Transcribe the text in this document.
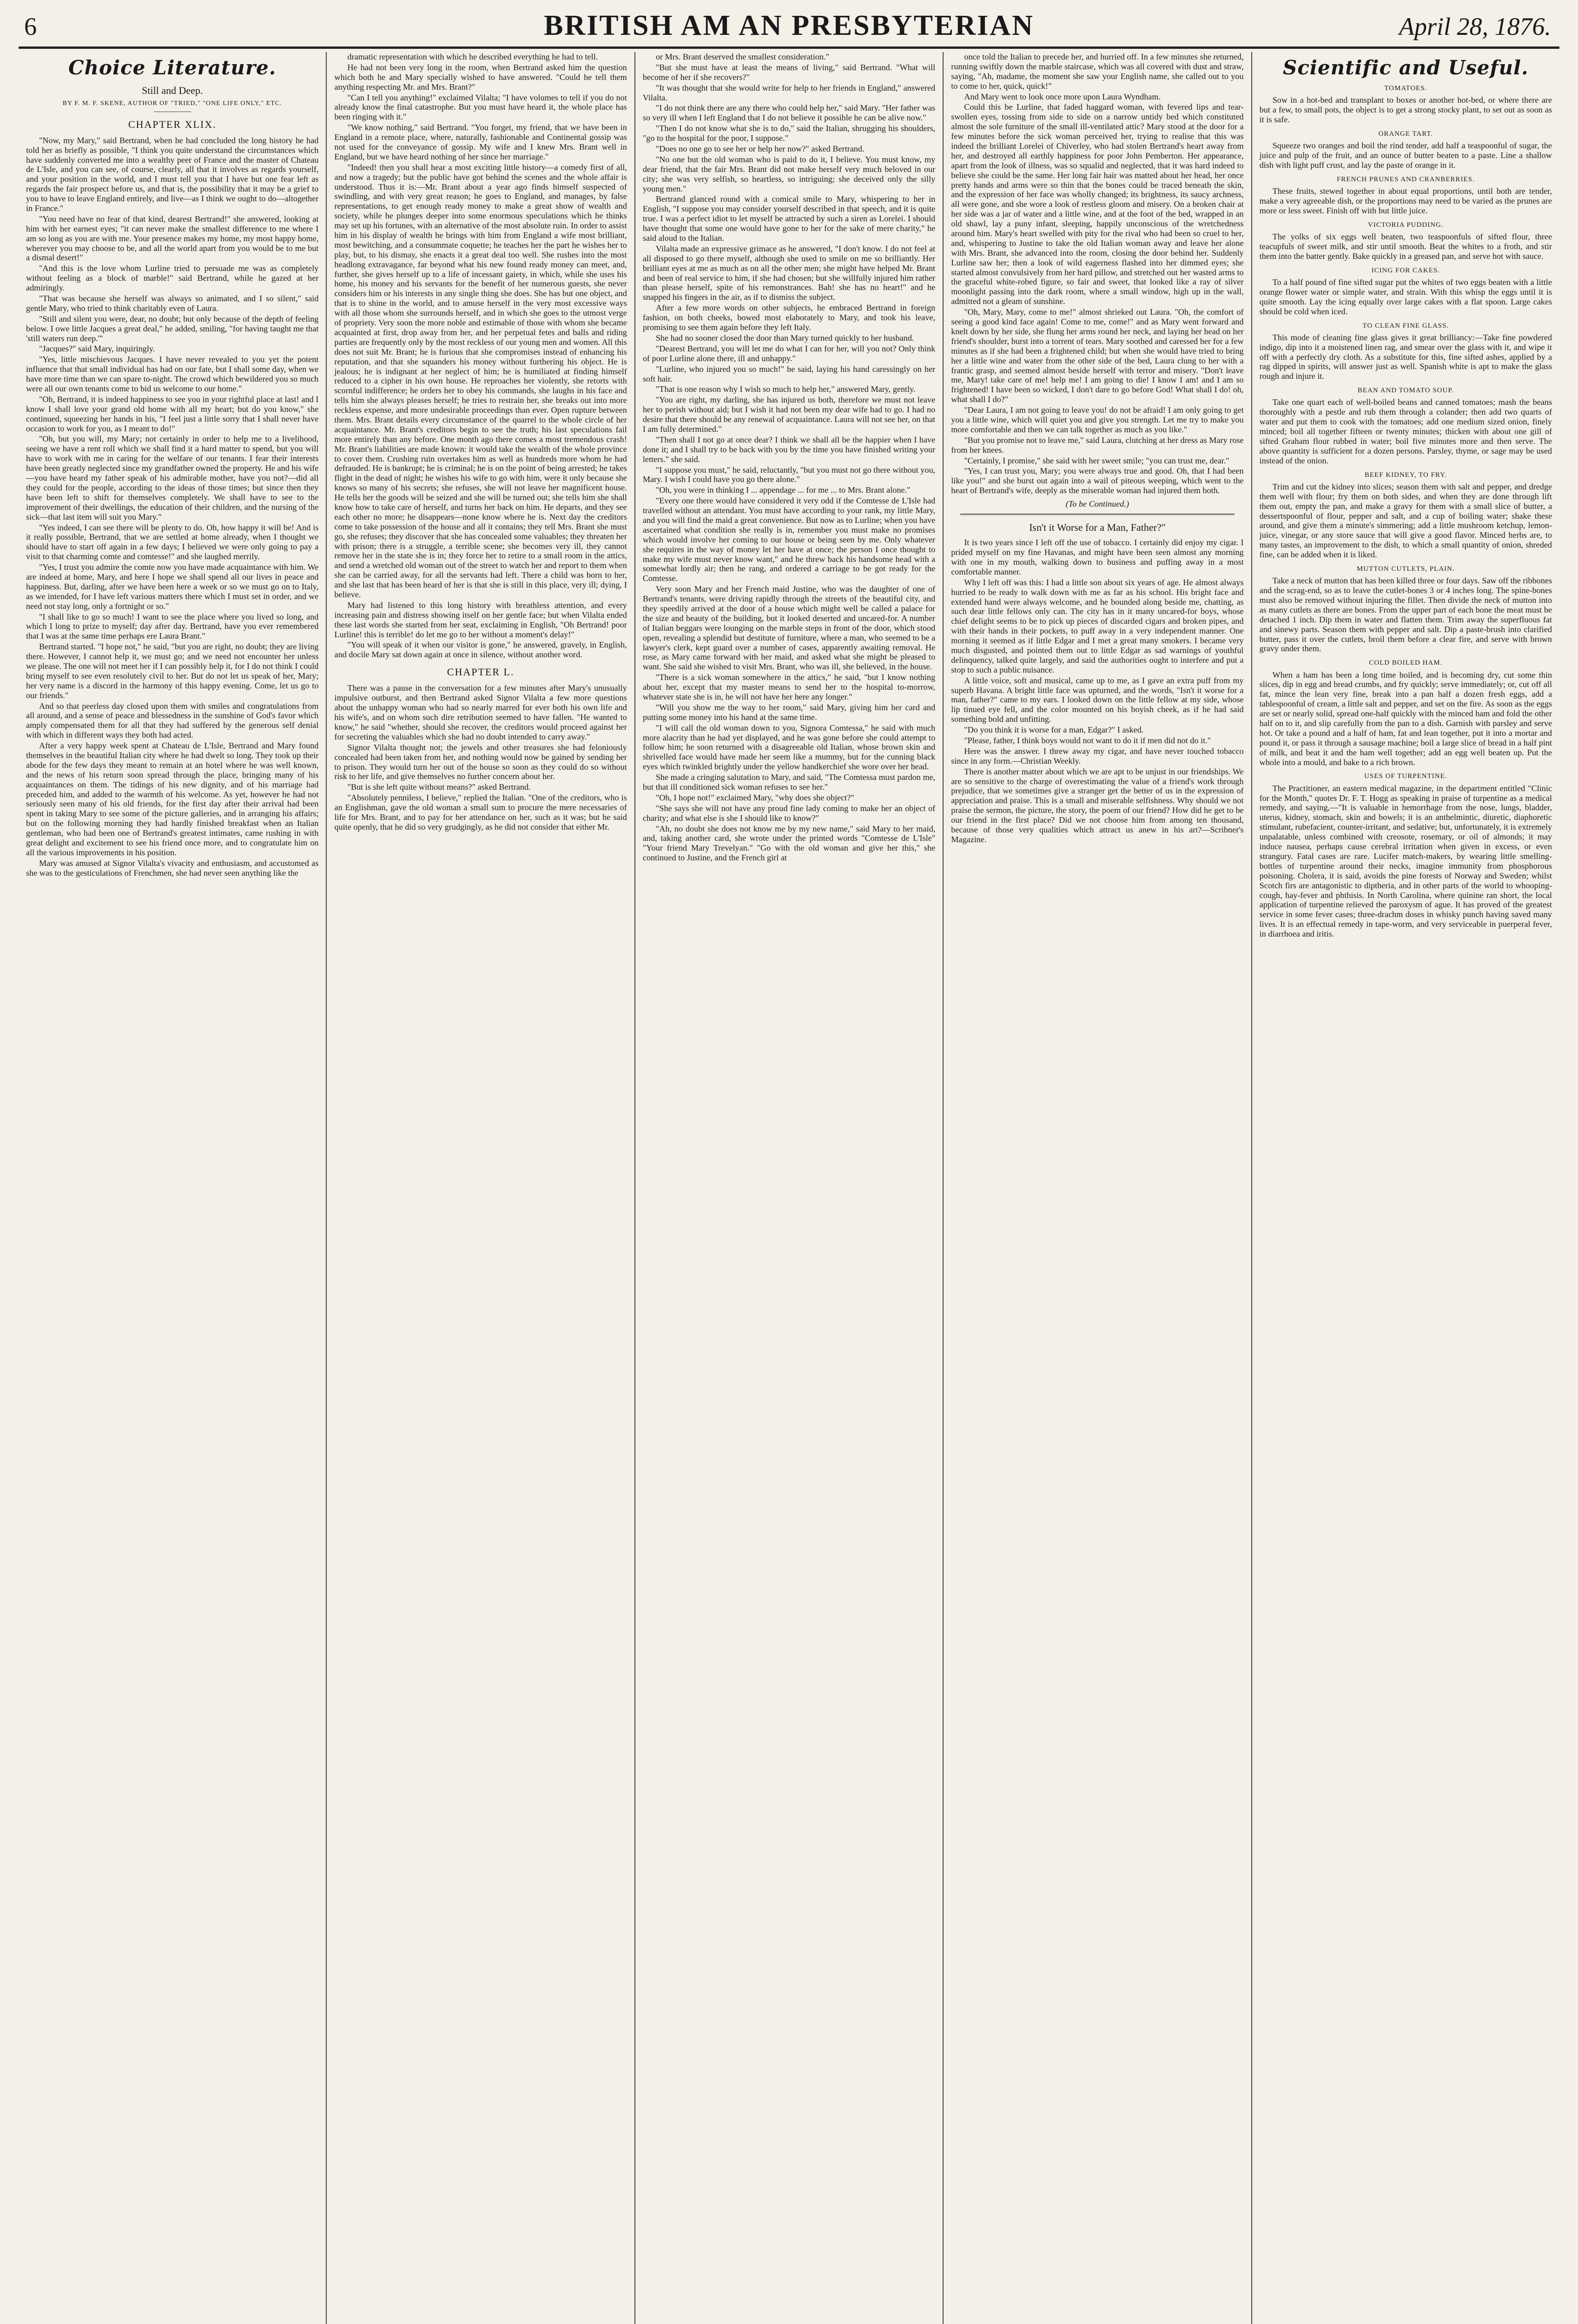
6	BRITISH AM AN PRESBYTERIAN	April 28, 1876.
Choice Literature.
Still and Deep.
BY F. M. F. SKENE, AUTHOR OF "TRIED," "ONE LIFE ONLY," ETC.
CHAPTER XLIX.

"Now, my Mary," said Bertrand, when he had concluded the long history he had told her as briefly as possible, "I think you quite understand the circumstances which have suddenly converted me into a wealthy peer of France and the master of Chateau de L'Isle, and you can see, of course, clearly, all that it involves as regards yourself, and your position in the world, and I must tell you that I have but one fear left as regards the fair prospect before us, and that is, the possibility that it may be a grief to you to have to leave England entirely, and live—as I think we ought to do—altogether in France."

"You need have no fear of that kind, dearest Bertrand!" she answered, looking at him with her earnest eyes; "it can never make the smallest difference to me where I am so long as you are with me. Your presence makes my home, my most happy home, wherever you may choose to be, and all the world apart from you would be to me but a dismal desert!"

"And this is the love whom Lurline tried to persuade me was as completely without feeling as a block of marble!" said Bertrand, while he gazed at her admiringly.

"That was because she herself was always so animated, and I so silent," said gentle Mary, who tried to think charitably even of Laura.

"Still and silent you were, dear, no doubt; but only because of the depth of feeling below. I owe little Jacques a great deal," he added, smiling, "for having taught me that 'still waters run deep.'"

"Jacques?" said Mary, inquiringly.

"Yes, little mischievous Jacques. I have never revealed to you yet the potent influence that that small individual has had on our fate, but I shall some day, when we have more time than we can spare to-night. The crowd which bewildered you so much were all our own tenants come to bid us welcome to our home."

"Oh, Bertrand, it is indeed happiness to see you in your rightful place at last! and I know I shall love your grand old home with all my heart; but do you know," she continued, squeezing her hands in his, "I feel just a little sorry that I shall never have occasion to work for you, as I meant to do!"

"Oh, but you will, my Mary; not certainly in order to help me to a livelihood, seeing we have a rent roll which we shall find it a hard matter to spend, but you will have to work with me in caring for the welfare of our tenants. I fear their interests have been greatly neglected since my grandfather owned the property. He and his wife—you have heard my father speak of his admirable mother, have you not?—did all they could for the people, according to the ideas of those times; but since then they have been left to shift for themselves completely. We shall have to see to the improvement of their dwellings, the education of their children, and the nursing of the sick—that last item will suit you Mary."

"Yes indeed, I can see there will be plenty to do. Oh, how happy it will be! And is it really possible, Bertrand, that we are settled at home already, when I thought we should have to start off again in a few days; I believed we were only going to pay a visit to that charming comte and comtesse!" and she laughed merrily.

"Yes, I trust you admire the comte now you have made acquaintance with him. We are indeed at home, Mary, and here I hope we shall spend all our lives in peace and happiness. But, darling, after we have been here a week or so we must go on to Italy, as we intended, for I have left various matters there which I must set in order, and we need not stay long, only a fortnight or so."

"I shall like to go so much! I want to see the place where you lived so long, and which I long to prize to myself; day after day. Bertrand, have you ever remembered that I was at the same time perhaps ere Laura Brant."

Bertrand started. "I hope not," he said, "but you are right, no doubt; they are living there. However, I cannot help it, we must go; and we need not encounter her unless we please. The one will not meet her if I can possibly help it, for I do not think I could bring myself to see even resolutely civil to her. But do not let us speak of her, Mary; her very name is a discord in the harmony of this happy evening. Come, let us go to our friends."

And so that peerless day closed upon them with smiles and congratulations from all around, and a sense of peace and blessedness in the sunshine of God's favor which amply compensated them for all that they had suffered by the generous self denial with which in different ways they both had acted.

After a very happy week spent at Chateau de L'Isle, Bertrand and Mary found themselves in the beautiful Italian city where he had dwelt so long. They took up their abode for the few days they meant to remain at an hotel where he was well known, and the news of his return soon spread through the place, bringing many of his acquaintances on them. The tidings of his new dignity, and of his marriage had preceded him, and added to the warmth of his welcome. As yet, however he had not seriously seen many of his old friends, for the first day after their arrival had been spent in taking Mary to see some of the picture galleries, and in arranging his affairs; but on the following morning they had hardly finished breakfast when an Italian gentleman, who had been one of Bertrand's greatest intimates, came rushing in with great delight and excitement to see his friend once more, and to congratulate him on all the various improvements in his position.

Mary was amused at Signor Vilalta's vivacity and enthusiasm, and accustomed as she was to the gesticulations of Frenchmen, she had never seen anything like the

dramatic representation with which he described everything he had to tell.

He had not been very long in the room, when Bertrand asked him the question which both he and Mary specially wished to have answered. "Could he tell them anything respecting Mr. and Mrs. Brant?"

"Can I tell you anything!" exclaimed Vilalta; "I have volumes to tell if you do not already know the final catastrophe. But you must have heard it, the whole place has been ringing with it."

"We know nothing," said Bertrand. "You forget, my friend, that we have been in England in a remote place, where, naturally, fashionable and Continental gossip was not used for the conveyance of gossip. My wife and I knew Mrs. Brant well in England, but we have heard nothing of her since her marriage."

"Indeed! then you shall hear a most exciting little history—a comedy first of all, and now a tragedy; but the public have got behind the scenes and the whole affair is understood. Thus it is:—Mr. Brant about a year ago finds himself suspected of swindling, and with very great reason; he goes to England, and manages, by false representations, to get enough ready money to make a great show of wealth and society, while he plunges deeper into some enormous speculations which he thinks may set up his fortunes, with an alternative of the most absolute ruin. In order to assist him in his display of wealth he brings with him from England a wife most brilliant, most bewitching, and a consummate coquette; he teaches her the part he wishes her to play, but, to his dismay, she enacts it a great deal too well. She rushes into the most headlong extravagance, far beyond what his new found ready money can meet, and, further, she gives herself up to a life of incessant gaiety, in which, while she uses his home, his money and his servants for the benefit of her numerous guests, she never considers him or his interests in any single thing she does. She has but one object, and that is to shine in the world, and to amuse herself in the very most excessive ways with all those whom she surrounds herself, and in which she goes to the utmost verge of propriety. Very soon the more noble and estimable of those with whom she became acquainted at first, drop away from her, and her perpetual fetes and balls and riding parties are frequently only by the most reckless of our young men and women. All this does not suit Mr. Brant; he is furious that she compromises instead of enhancing his reputation, and that she squanders his money without furthering his object. He is jealous; he is indignant at her neglect of him; he is humiliated at finding himself reduced to a cipher in his own house. He reproaches her violently, she retorts with scornful indifference; he orders her to obey his commands, she laughs in his face and tells him she always pleases herself; he tries to restrain her, she breaks out into more reckless expense, and more undesirable proceedings than ever. Open rupture between them. Mrs. Brant details every circumstance of the quarrel to the whole circle of her acquaintance. Mr. Brant's creditors begin to see the truth; his last speculations fail more entirely than any before. One month ago there comes a most tremendous crash! Mr. Brant's liabilities are made known: it would take the wealth of the whole province to cover them. Crushing ruin overtakes him as well as hundreds more whom he had defrauded. He is bankrupt; he is criminal; he is on the point of being arrested; he takes flight in the dead of night; he wishes his wife to go with him, were it only because she knows so many of his secrets; she refuses, she will not leave her magnificent house. He tells her the goods will be seized and she will be turned out; she tells him she shall know how to take care of herself, and turns her back on him. He departs, and they see each other no more; he disappears—none know where he is. Next day the creditors come to take possession of the house and all it contains; they tell Mrs. Brant she must go, she refuses; they discover that she has concealed some valuables; they threaten her with prison; there is a struggle, a terrible scene; she becomes very ill, they cannot remove her in the state she is in; they force her to retire to a small room in the attics, and send a wretched old woman out of the street to watch her and report to them when she can be carried away, for all the servants had left. There a child was born to her, and she last that has been heard of her is that she is still in this place, very ill; dying, I believe.

Mary had listened to this long history with breathless attention, and every increasing pain and distress showing itself on her gentle face; but when Vilalta ended these last words she started from her seat, exclaiming in English, "Oh Bertrand! poor Lurline! this is terrible! do let me go to her without a moment's delay!"

"You will speak of it when our visitor is gone," he answered, gravely, in English, and docile Mary sat down again at once in silence, without another word.

CHAPTER L.

There was a pause in the conversation for a few minutes after Mary's unusually impulsive outburst, and then Bertrand asked Signor Vilalta a few more questions about the unhappy woman who had so nearly marred for ever both his own life and his wife's, and on whom such dire retribution seemed to have fallen. "He wanted to know," he said "whether, should she recover, the creditors would proceed against her for secreting the valuables which she had no doubt intended to carry away."

Signor Vilalta thought not; the jewels and other treasures she had feloniously concealed had been taken from her, and nothing would now be gained by sending her to prison. They would turn her out of the house so soon as they could do so without risk to her life, and give themselves no further concern about her.

"But is she left quite without means?" asked Bertrand.

"Absolutely penniless, I believe," replied the Italian. "One of the creditors, who is an Englishman, gave the old woman a small sum to procure the mere necessaries of life for Mrs. Brant, and to pay for her attendance on her, such as it was; but he said quite openly, that he did so very grudgingly, as he did not consider that either Mr.

or Mrs. Brant deserved the smallest consideration."

"But she must have at least the means of living," said Bertrand. "What will become of her if she recovers?"

"It was thought that she would write for help to her friends in England," answered Vilalta.

"I do not think there are any there who could help her," said Mary. "Her father was so very ill when I left England that I do not believe it possible he can be alive now."

"Then I do not know what she is to do," said the Italian, shrugging his shoulders, "go to the hospital for the poor, I suppose."

"Does no one go to see her or help her now?" asked Bertrand.

"No one but the old woman who is paid to do it, I believe. You must know, my dear friend, that the fair Mrs. Brant did not make herself very much beloved in our city; she was very selfish, so heartless, so intriguing; she deceived only the silly young men."

Bertrand glanced round with a comical smile to Mary, whispering to her in English, "I suppose you may consider yourself described in that speech, and it is quite true. I was a perfect idiot to let myself be attracted by such a siren as Lorelei. I should have thought that some one would have gone to her for the sake of mere charity," he said aloud to the Italian.

Vilalta made an expressive grimace as he answered, "I don't know. I do not feel at all disposed to go there myself, although she used to smile on me so brilliantly. Her brilliant eyes at me as much as on all the other men; she might have helped Mr. Brant and been of real service to him, if she had chosen; but she willfully injured him rather than please herself, spite of his remonstrances. Bah! she has no heart!" and he snapped his fingers in the air, as if to dismiss the subject.

After a few more words on other subjects, he embraced Bertrand in foreign fashion, on both cheeks, bowed most elaborately to Mary, and took his leave, promising to see them again before they left Italy.

She had no sooner closed the door than Mary turned quickly to her husband.

"Dearest Bertrand, you will let me do what I can for her, will you not? Only think of poor Lurline alone there, ill and unhappy."

"Lurline, who injured you so much!" he said, laying his hand caressingly on her soft hair.

"That is one reason why I wish so much to help her," answered Mary, gently.

"You are right, my darling, she has injured us both, therefore we must not leave her to perish without aid; but I wish it had not been my dear wife had to go. I had no desire that there should be any renewal of acquaintance. Laura will not see her, on that I am fully determined."

"Then shall I not go at once dear? I think we shall all be the happier when I have done it; and I shall try to be back with you by the time you have finished writing your letters." she said.

"I suppose you must," he said, reluctantly, "but you must not go there without you, Mary. I wish I could have you go there alone."

"Oh, you were in thinking I ... appendage ... for me ... to Mrs. Brant alone."

"Every one there would have considered it very odd if the Comtesse de L'Isle had travelled without an attendant. You must have according to your rank, my little Mary, and you will find the maid a great convenience. But now as to Lurline; when you have ascertained what condition she really is in, remember you must make no promises which would involve her coming to our house or being seen by me. Only whatever she requires in the way of money let her have at once; the person I once thought to make my wife must never know want," and he threw back his handsome head with a somewhat lordly air; then he rang, and ordered a carriage to be got ready for the Comtesse.

Very soon Mary and her French maid Justine, who was the daughter of one of Bertrand's tenants, were driving rapidly through the streets of the beautiful city, and they speedily arrived at the door of a house which might well be called a palace for the size and beauty of the building, but it looked deserted and uncared-for. A number of Italian beggars were lounging on the marble steps in front of the door, which stood open, revealing a splendid but destitute of furniture, where a man, who seemed to be a lawyer's clerk, kept guard over a number of cases, apparently awaiting removal. He rose, as Mary came forward with her maid, and asked what she might be pleased to want. She said she wished to visit Mrs. Brant, who was ill, she believed, in the house.

"There is a sick woman somewhere in the attics," he said, "but I know nothing about her, except that my master means to send her to the hospital to-morrow, whatever state she is in, he will not have her here any longer."

"Will you show me the way to her room," said Mary, giving him her card and putting some money into his hand at the same time.

"I will call the old woman down to you, Signora Comtessa," he said with much more alacrity than he had yet displayed, and he was gone before she could attempt to follow him; he soon returned with a disagreeable old Italian, whose brown skin and shrivelled face would have made her seem like a mummy, but for the cunning black eyes which twinkled brightly under the yellow handkerchief she wore over her head.

She made a cringing salutation to Mary, and said, "The Comtessa must pardon me, but that ill conditioned sick woman refuses to see her."

"Oh, I hope not!" exclaimed Mary, "why does she object?"

"She says she will not have any proud fine lady coming to make her an object of charity; and what else is she I should like to know?"

"Ah, no doubt she does not know me by my new name," said Mary to her maid, and, taking another card, she wrote under the printed words "Comtesse de L'Isle" "Your friend Mary Trevelyan." "Go with the old woman and give her this," she continued to Justine, and the French girl at

once told the Italian to precede her, and hurried off. In a few minutes she returned, running swiftly down the marble staircase, which was all covered with dust and straw, saying, "Ah, madame, the moment she saw your English name, she called out to you to come to her, quick, quick!"

And Mary went to look once more upon Laura Wyndham.

Could this be Lurline, that faded haggard woman, with fevered lips and tear-swollen eyes, tossing from side to side on a narrow untidy bed which constituted almost the sole furniture of the small ill-ventilated attic? Mary stood at the door for a few minutes before the sick woman perceived her, trying to realise that this was indeed the brilliant Lorelei of Chiverley, who had stolen Bertrand's heart away from her, and destroyed all earthly happiness for poor John Pemberton. Her appearance, apart from the look of illness, was so squalid and neglected, that it was hard indeed to believe she could be the same. Her long fair hair was matted about her head, her once pretty hands and arms were so thin that the bones could be traced beneath the skin, and the expression of her face was wholly changed; its brightness, its saucy archness, all were gone, and she wore a look of restless gloom and misery. On a broken chair at her side was a jar of water and a little wine, and at the foot of the bed, wrapped in an old shawl, lay a puny infant, sleeping, happily unconscious of the wretchedness around him. Mary's heart swelled with pity for the rival who had been so cruel to her, and, whispering to Justine to take the old Italian woman away and leave her alone with Mrs. Brant, she advanced into the room, closing the door behind her. Suddenly Lurline saw her; then a look of wild eagerness flashed into her dimmed eyes; she started almost convulsively from her hard pillow, and stretched out her wasted arms to the graceful white-robed figure, so fair and sweet, that looked like a ray of silver moonlight passing into the dark room, where a small window, high up in the wall, admitted not a gleam of sunshine.

"Oh, Mary, Mary, come to me!" almost shrieked out Laura. "Oh, the comfort of seeing a good kind face again! Come to me, come!" and as Mary went forward and knelt down by her side, she flung her arms round her neck, and laying her head on her friend's shoulder, burst into a torrent of tears. Mary soothed and caressed her for a few minutes as if she had been a frightened child; but when she would have tried to bring her a little wine and water from the other side of the bed, Laura clung to her with a frantic grasp, and seemed almost beside herself with terror and misery. "Don't leave me, Mary! take care of me! help me! I am going to die! I know I am! and I am so frightened! I have been so wicked, I don't dare to go before God! What shall I do! oh, what shall I do?"

"Dear Laura, I am not going to leave you! do not be afraid! I am only going to get you a little wine, which will quiet you and give you strength. Let me try to make you more comfortable and then we can talk together as much as you like."

"But you promise not to leave me," said Laura, clutching at her dress as Mary rose from her knees.

"Certainly, I promise," she said with her sweet smile; "you can trust me, dear."

"Yes, I can trust you, Mary; you were always true and good. Oh, that I had been like you!" and she burst out again into a wail of piteous weeping, which went to the heart of Bertrand's wife, deeply as the miserable woman had injured them both.

(To be Continued.)
Isn't it Worse for a Man, Father?"

It is two years since I left off the use of tobacco. I certainly did enjoy my cigar. I prided myself on my fine Havanas, and might have been seen almost any morning with one in my mouth, walking down to business and puffing away in a most comfortable manner.

Why I left off was this: I had a little son about six years of age. He almost always hurried to be ready to walk down with me as far as his school. His bright face and extended hand were always welcome, and he bounded along beside me, chatting, as such dear little fellows only can. The city has in it many uncared-for boys, whose chief delight seems to be to pick up pieces of discarded cigars and broken pipes, and with their hands in their pockets, to puff away in a very independent manner. One morning it seemed as if little Edgar and I met a great many smokers. I became very much disgusted, and pointed them out to little Edgar as sad warnings of youthful delinquency, talked quite largely, and said the authorities ought to interfere and put a stop to such a public nuisance.

A little voice, soft and musical, came up to me, as I gave an extra puff from my superb Havana. A bright little face was upturned, and the words, "Isn't it worse for a man, father?" came to my ears. I looked down on the little fellow at my side, whose lip tinued eye fell, and the color mounted on his boyish cheek, as if he had said something bold and unfitting.

"Do you think it is worse for a man, Edgar?" I asked.

"Please, father, I think boys would not want to do it if men did not do it."

Here was the answer. I threw away my cigar, and have never touched tobacco since in any form.—Christian Weekly.

There is another matter about which we are apt to be unjust in our friendships. We are so sensitive to the charge of overestimating the value of a friend's work through prejudice, that we sometimes give a stranger get the better of us in the expression of appreciation and praise. This is a small and miserable selfishness. Why should we not praise the sermon, the picture, the story, the poem of our friend? How did he get to be our friend in the first place? Did we not choose him from among ten thousand, because of those very qualities which attract us anew in his art?—Scribner's Magazine.

Scientific and Useful.
TOMATOES.

Sow in a hot-bed and transplant to boxes or another hot-bed, or where there are but a few, to small pots, the object is to get a strong stocky plant, to set out as soon as it is safe.

ORANGE TART.

Squeeze two oranges and boil the rind tender, add half a teaspoonful of sugar, the juice and pulp of the fruit, and an ounce of butter beaten to a paste. Line a shallow dish with light puff crust, and lay the paste of orange in it.

FRENCH PRUNES AND CRANBERRIES.

These fruits, stewed together in about equal proportions, until both are tender, make a very agreeable dish, or the proportions may need to be varied as the prunes are more or less sweet. Finish off with but little juice.

VICTORIA PUDDING.

The yolks of six eggs well beaten, two teaspoonfuls of sifted flour, three teacupfuls of sweet milk, and stir until smooth. Beat the whites to a froth, and stir them into the batter gently. Bake quickly in a greased pan, and serve hot with sauce.

ICING FOR CAKES.

To a half pound of fine sifted sugar put the whites of two eggs beaten with a little orange flower water or simple water, and strain. With this whisp the eggs until it is quite smooth. Lay the icing equally over large cakes with a flat spoon. Large cakes should be cold when iced.

TO CLEAN FINE GLASS.

This mode of cleaning fine glass gives it great brilliancy:—Take fine powdered indigo, dip into it a moistened linen rag, and smear over the glass with it, and wipe it off with a perfectly dry cloth. As a substitute for this, fine sifted ashes, applied by a rag dipped in spirits, will answer just as well. Spanish white is apt to make the glass rough and injure it.

BEAN AND TOMATO SOUP.

Take one quart each of well-boiled beans and canned tomatoes; mash the beans thoroughly with a pestle and rub them through a colander; then add two quarts of water and put them to cook with the tomatoes; add one medium sized onion, finely minced; boil all together fifteen or twenty minutes; thicken with about one gill of sifted Graham flour rubbed in water; boil five minutes more and then serve. The above quantity is sufficient for a dozen persons. Parsley, thyme, or sage may be used instead of the onion.

BEEF KIDNEY, TO FRY.

Trim and cut the kidney into slices; season them with salt and pepper, and dredge them well with flour; fry them on both sides, and when they are done through lift them out, empty the pan, and make a gravy for them with a small slice of butter, a dessertspoonful of flour, pepper and salt, and a cup of boiling water; shake these around, and give them a minute's simmering; add a little mushroom ketchup, lemon-juice, vinegar, or any store sauce that will give a good flavor. Minced herbs are, to many tastes, an improvement to the dish, to which a small quantity of onion, shreded fine, can be added when it is liked.

MUTTON CUTLETS, PLAIN.

Take a neck of mutton that has been killed three or four days. Saw off the ribbones and the scrag-end, so as to leave the cutlet-bones 3 or 4 inches long. The spine-bones must also be removed without injuring the fillet. Then divide the neck of mutton into as many cutlets as there are bones. From the upper part of each bone the meat must be detached 1 inch. Dip them in water and flatten them. Trim away the superfluous fat and sinewy parts. Season them with pepper and salt. Dip a paste-brush into clarified butter, pass it over the cutlets, broil them before a clear fire, and serve with brown gravy under them.

COLD BOILED HAM.

When a ham has been a long time boiled, and is becoming dry, cut some thin slices, dip in egg and bread crumbs, and fry quickly; serve immediately; or, cut off all fat, mince the lean very fine, break into a pan half a dozen fresh eggs, add a tablespoonful of cream, a little salt and pepper, and set on the fire. As soon as the eggs are set or nearly solid, spread one-half quickly with the minced ham and fold the other half on to it, and slip carefully from the pan to a dish. Garnish with parsley and serve hot. Or take a pound and a half of ham, fat and lean together, put it into a mortar and pound it, or pass it through a sausage machine; boil a large slice of bread in a half pint of milk, and beat it and the ham well together; add an egg well beaten up. Put the whole into a mould, and bake to a rich brown.

USES OF TURPENTINE.

The Practitioner, an eastern medical magazine, in the department entitled "Clinic for the Month," quotes Dr. F. T. Hogg as speaking in praise of turpentine as a medical remedy, and saying,—"It is valuable in hemorrhage from the nose, lungs, bladder, uterus, kidney, stomach, skin and bowels; it is an anthelmintic, diuretic, diaphoretic stimulant, rubefacient, counter-irritant, and sedative; but, unfortunately, it is extremely unpalatable, unless combined with creosote, rosemary, or oil of almonds; it may induce nausea, perhaps cause cerebral irritation when given in excess, or even strangury. Fatal cases are rare. Lucifer match-makers, by wearing little smelling-bottles of turpentine around their necks, imagine immunity from phosphorous poisoning. Cholera, it is said, avoids the pine forests of Norway and Sweden; whilst Scotch firs are antagonistic to diptheria, and in other parts of the world to whooping-cough, hay-fever and phthisis. In North Carolina, where quinine ran short, the local application of turpentine relieved the paroxysm of ague. It has proved of the greatest service in some fever cases; three-drachm doses in whisky punch having saved many lives. It is an effectual remedy in tape-worm, and very serviceable in puerperal fever, in diarrhoea and iritis.
